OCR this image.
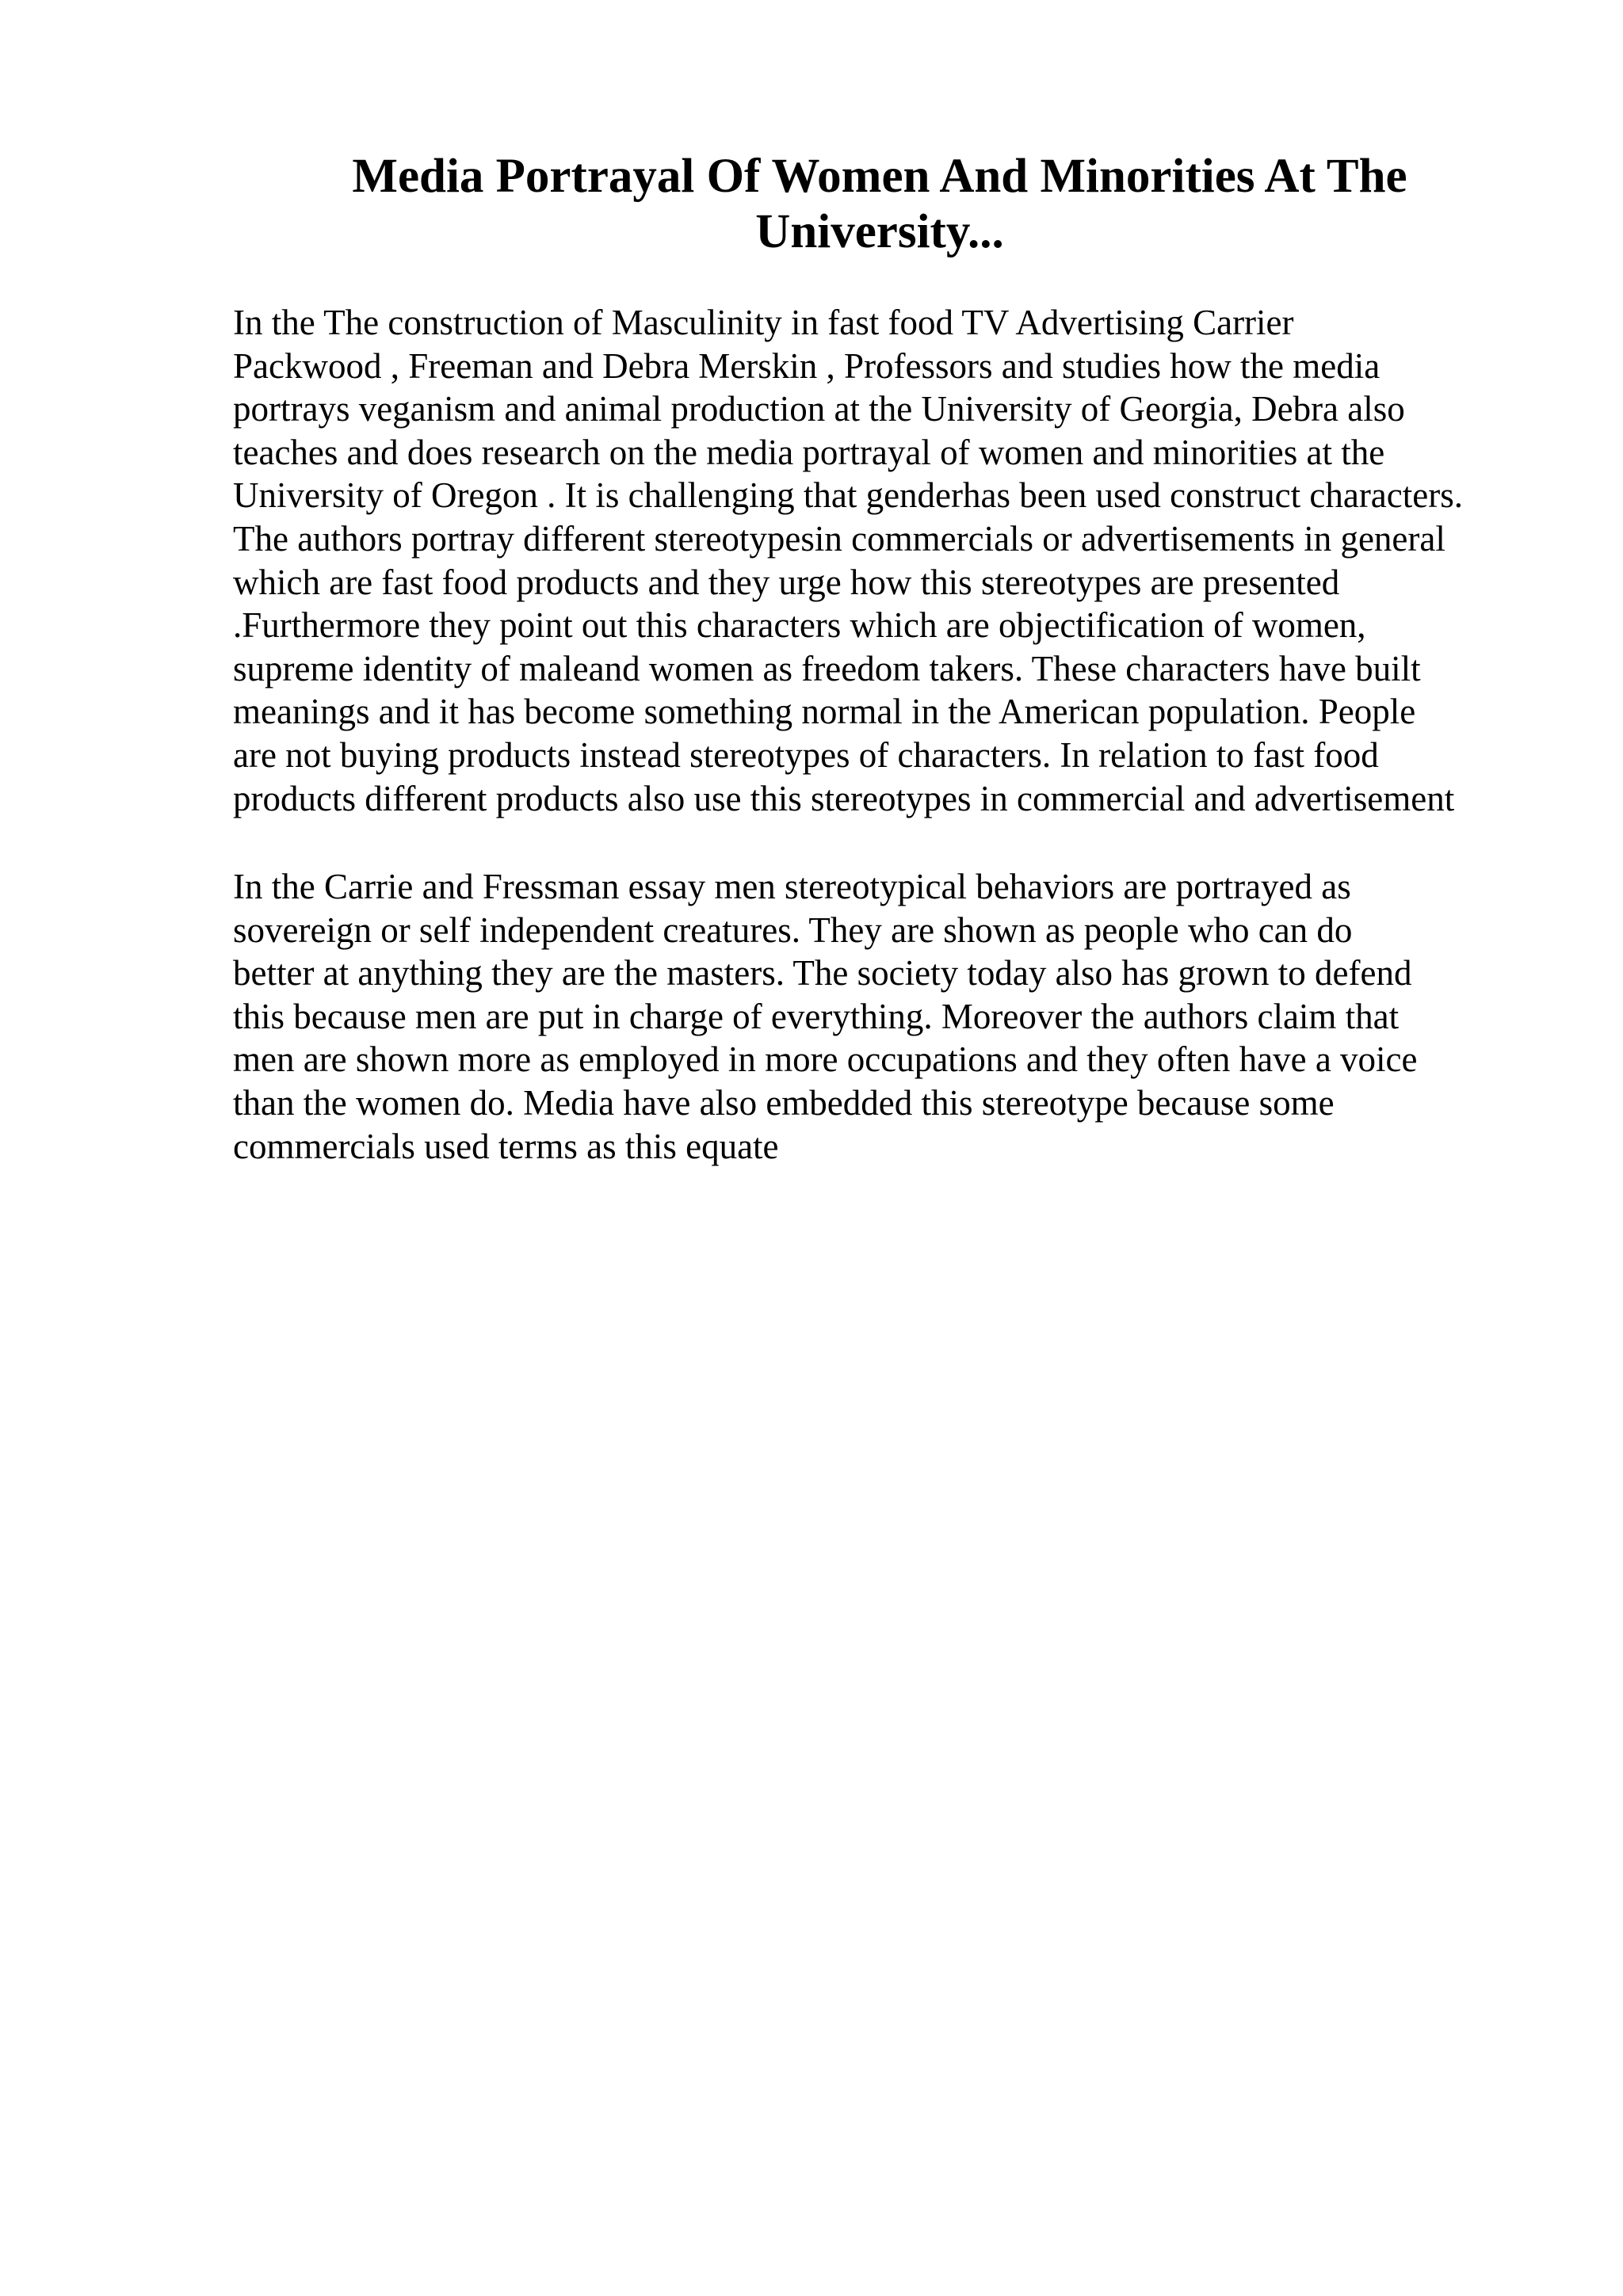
Media Portrayal Of Women And Minorities At The
University...
In the The construction of Masculinity in fast food TV Advertising Carrier
Packwood , Freeman and Debra Merskin , Professors and studies how the media
portrays veganism and animal production at the University of Georgia, Debra also
teaches and does research on the media portrayal of women and minorities at the
University of Oregon . It is challenging that genderhas been used construct characters.
The authors portray different stereotypesin commercials or advertisements in general
which are fast food products and they urge how this stereotypes are presented
.Furthermore they point out this characters which are objectification of women,
supreme identity of maleand women as freedom takers. These characters have built
meanings and it has become something normal in the American population. People
are not buying products instead stereotypes of characters. In relation to fast food
products different products also use this stereotypes in commercial and advertisement
In the Carrie and Fressman essay men stereotypical behaviors are portrayed as
sovereign or self independent creatures. They are shown as people who can do
better at anything they are the masters. The society today also has grown to defend
this because men are put in charge of everything. Moreover the authors claim that
men are shown more as employed in more occupations and they often have a voice
than the women do. Media have also embedded this stereotype because some
commercials used terms as this equate
